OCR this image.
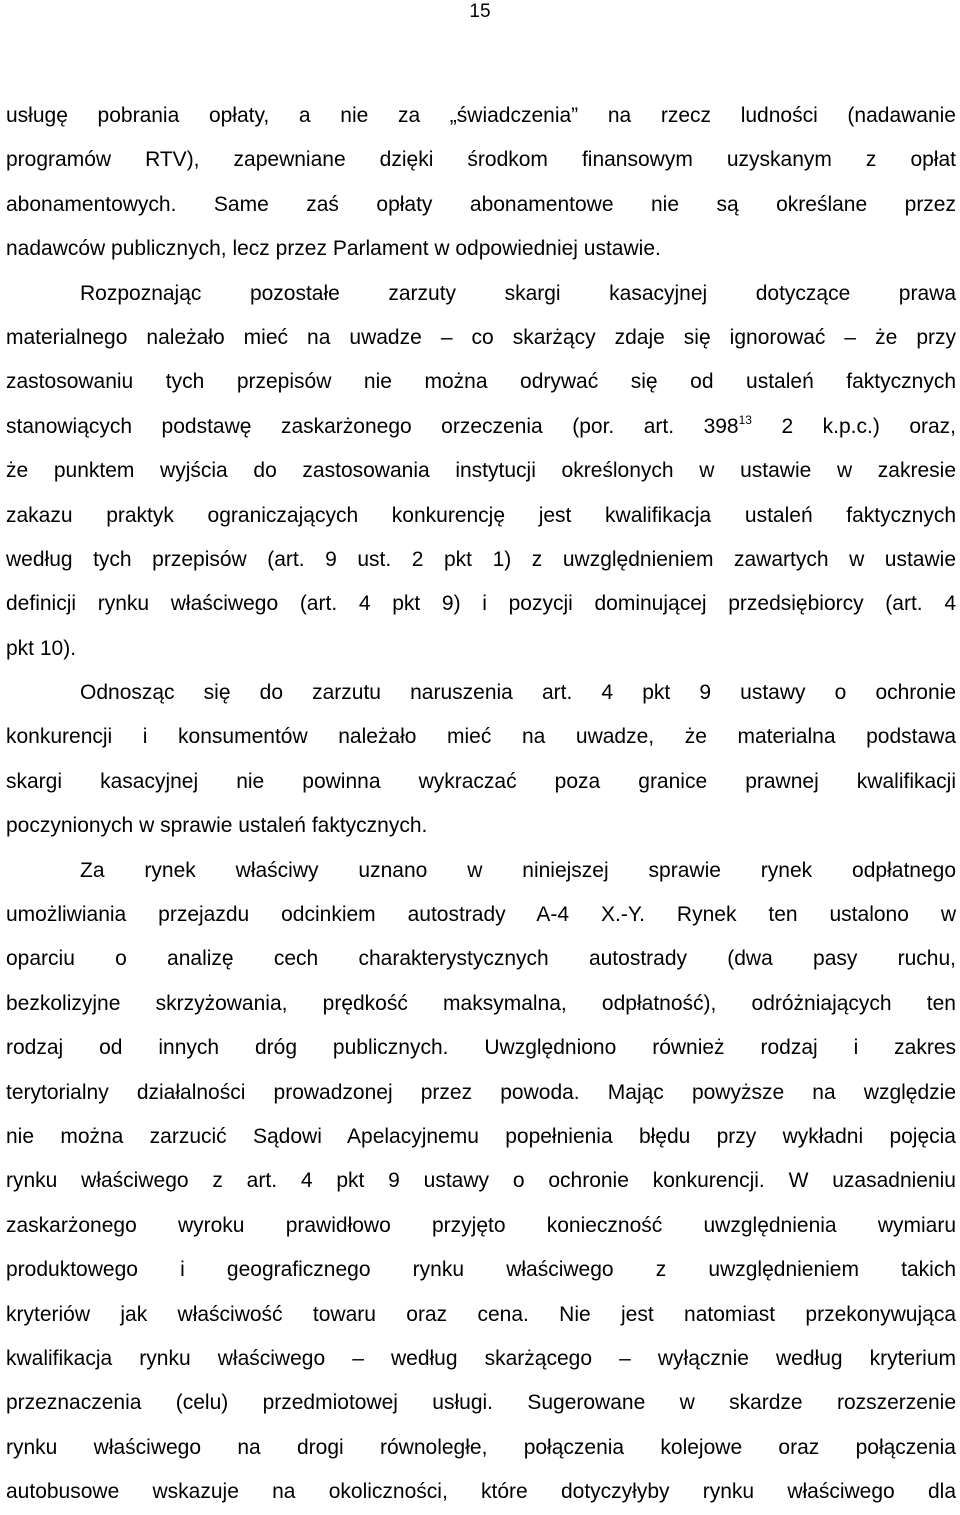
15
usługę pobrania opłaty, a nie za „świadczenia” na rzecz ludności (nadawanie
programów RTV), zapewniane dzięki środkom finansowym uzyskanym z opłat
abonamentowych. Same zaś opłaty abonamentowe nie są określane przez
nadawców publicznych, lecz przez Parlament w odpowiedniej ustawie.
Rozpoznając pozostałe zarzuty skargi kasacyjnej dotyczące prawa
materialnego należało mieć na uwadze – co skarżący zdaje się ignorować – że przy
zastosowaniu tych przepisów nie można odrywać się od ustaleń faktycznych
stanowiących podstawę zaskarżonego orzeczenia (por. art. $398^{13}$ 2 k.p.c.) oraz,
że punktem wyjścia do zastosowania instytucji określonych w ustawie w zakresie
zakazu praktyk ograniczających konkurencję jest kwalifikacja ustaleń faktycznych
według tych przepisów (art. 9 ust. 2 pkt 1) z uwzględnieniem zawartych w ustawie
definicji rynku właściwego (art. 4 pkt 9) i pozycji dominującej przedsiębiorcy (art. 4
pkt 10).
Odnosząc się do zarzutu naruszenia art. 4 pkt 9 ustawy o ochronie
konkurencji i konsumentów należało mieć na uwadze, że materialna podstawa
skargi kasacyjnej nie powinna wykraczać poza granice prawnej kwalifikacji
poczynionych w sprawie ustaleń faktycznych.
Za rynek właściwy uznano w niniejszej sprawie rynek odpłatnego
umożliwiania przejazdu odcinkiem autostrady A-4 X.-Y. Rynek ten ustalono w
oparciu o analizę cech charakterystycznych autostrady (dwa pasy ruchu,
bezkolizyjne skrzyżowania, prędkość maksymalna, odpłatność), odróżniających ten
rodzaj od innych dróg publicznych. Uwzględniono również rodzaj i zakres
terytorialny działalności prowadzonej przez powoda. Mając powyższe na względzie
nie można zarzucić Sądowi Apelacyjnemu popełnienia błędu przy wykładni pojęcia
rynku właściwego z art. 4 pkt 9 ustawy o ochronie konkurencji. W uzasadnieniu
zaskarżonego wyroku prawidłowo przyjęto konieczność uwzględnienia wymiaru
produktowego i geograficznego rynku właściwego z uwzględnieniem takich
kryteriów jak właściwość towaru oraz cena. Nie jest natomiast przekonywująca
kwalifikacja rynku właściwego – według skarżącego – wyłącznie według kryterium
przeznaczenia (celu) przedmiotowej usługi. Sugerowane w skardze rozszerzenie
rynku właściwego na drogi równoległe, połączenia kolejowe oraz połączenia
autobusowe wskazuje na okoliczności, które dotyczyłyby rynku właściwego dla
